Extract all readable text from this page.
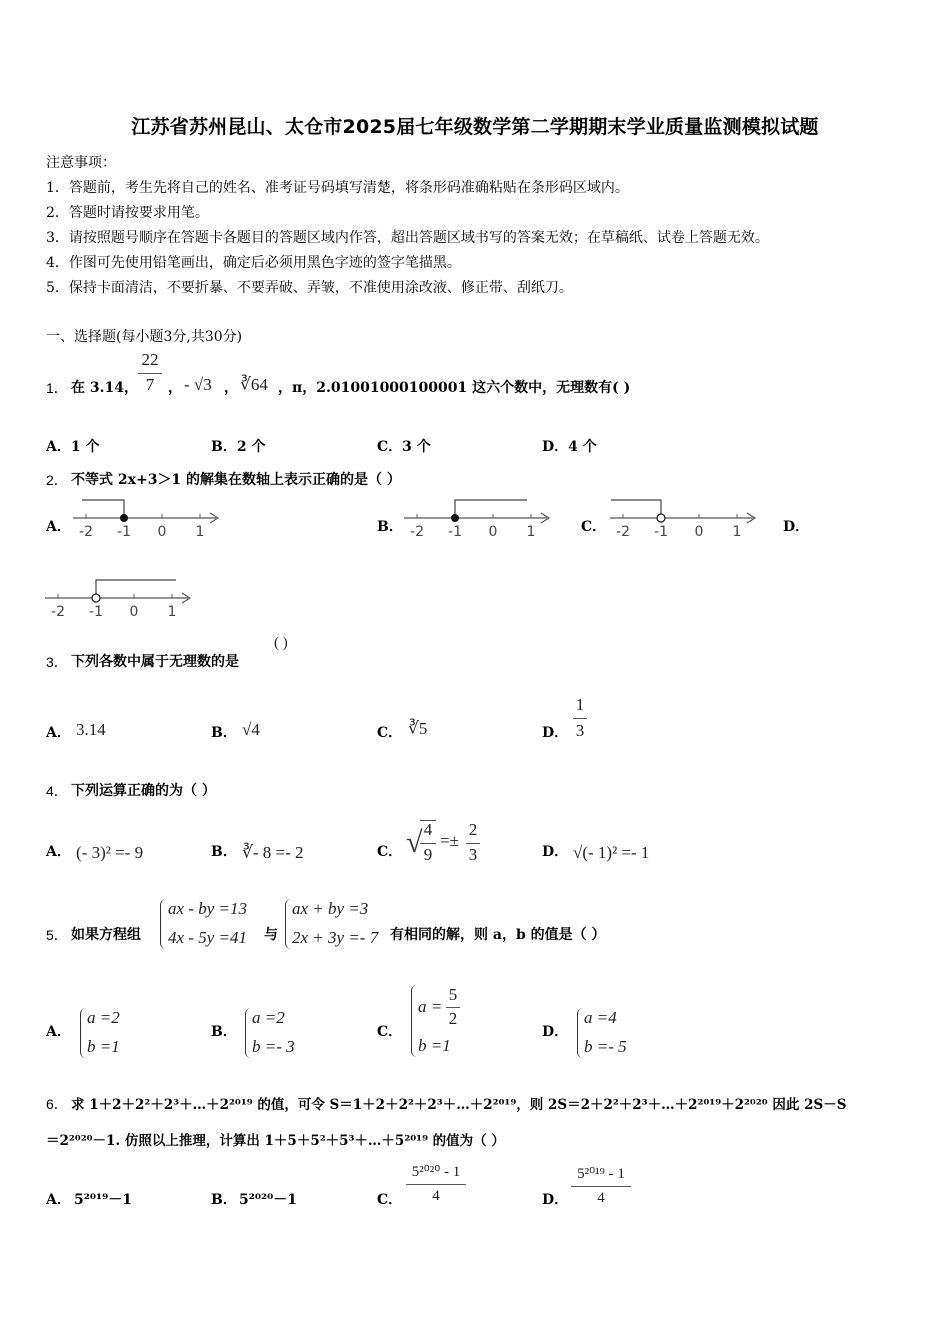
江苏省苏州昆山、太仓市2025届七年级数学第二学期期末学业质量监测模拟试题
注意事项：
1．答题前，考生先将自己的姓名、准考证号码填写清楚，将条形码准确粘贴在条形码区域内。
2．答题时请按要求用笔。
3．请按照题号顺序在答题卡各题目的答题区域内作答，超出答题区域书写的答案无效；在草稿纸、试卷上答题无效。
4．作图可先使用铅笔画出，确定后必须用黑色字迹的签字笔描黑。
5．保持卡面清洁，不要折暴、不要弄破、弄皱，不准使用涂改液、修正带、刮纸刀。
一、选择题(每小题3分,共30分)
1． 在 3.14，
22
7 ， - √3 ， ∛64 ，π，2.01001000100001 这六个数中，无理数有( )
A．1 个	B．2 个	C．3 个	D．4 个
2． 不等式 2x+3＞1 的解集在数轴上表示正确的是（ ）
A．	B．	C．	D．
-2 -1 0 1	-2 -1 0 1	-2 -1 0 1
-2 -1 0 1
3． 下列各数中属于无理数的是
( )
A． 3.14	B． √4	C． ∛5	D．
1
3
4． 下列运算正确的为（ ）
A． (- 3)² =- 9	B． ∛- 8 =- 2	C． √ 4
9
=±
2
3	D． √(- 1)² =- 1
5． 如果方程组
ax - by =13
4x - 5y =41 与
ax + by =3
2x + 3y =- 7 有相同的解，则 a，b 的值是（ ）
A．
a =2
b =1
B．
a =2
b =- 3
C．
a =
5
2
b =1
D．
a =4
b =- 5
6． 求 1＋2＋2²＋2³＋…＋2²⁰¹⁹ 的值，可令 S＝1＋2＋2²＋2³＋…＋2²⁰¹⁹，则 2S＝2＋2²＋2³＋…＋2²⁰¹⁹＋2²⁰²⁰ 因此 2S－S
＝2²⁰²⁰－1. 仿照以上推理，计算出 1＋5＋5²＋5³＋…＋5²⁰¹⁹ 的值为（ ）
A． 5²⁰¹⁹－1	B． 5²⁰²⁰－1	C．
5²⁰²⁰ - 1
4	D．
5²⁰¹⁹ - 1
4
